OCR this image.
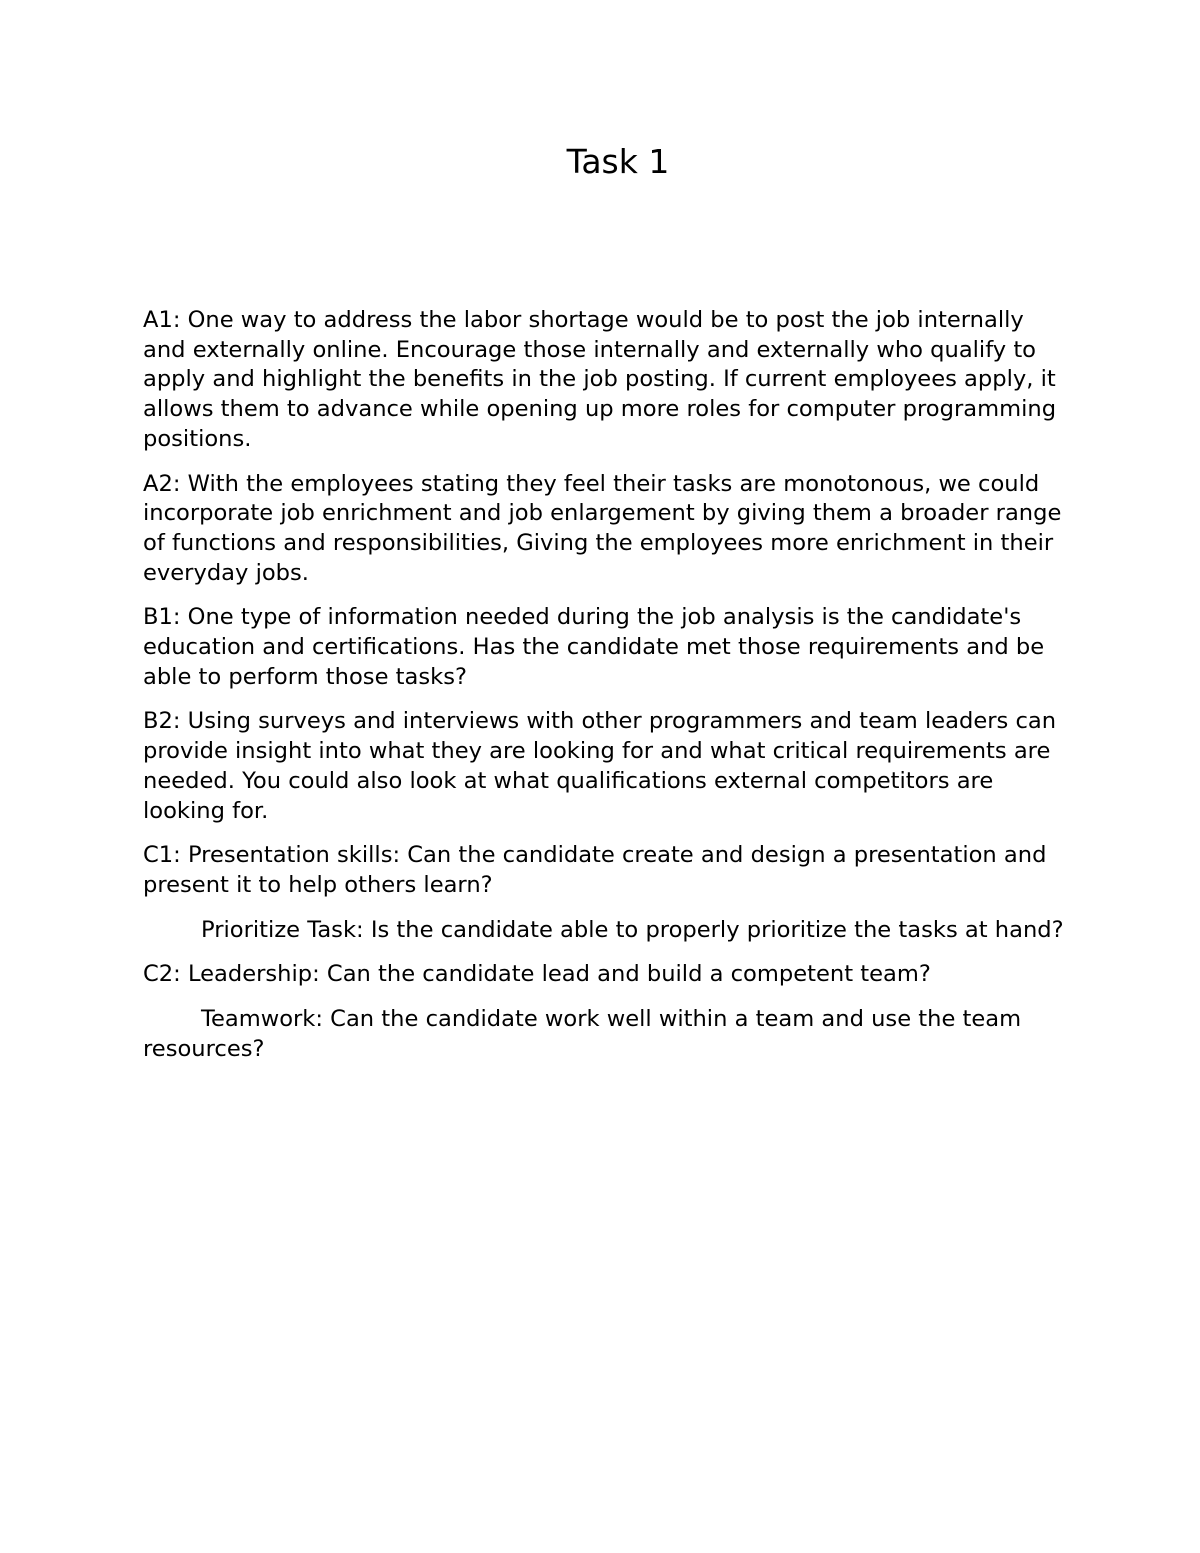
Task 1

A1: One way to address the labor shortage would be to post the job internally and externally online. Encourage those internally and externally who qualify to apply and highlight the benefits in the job posting. If current employees apply, it allows them to advance while opening up more roles for computer programming positions.

A2: With the employees stating they feel their tasks are monotonous, we could incorporate job enrichment and job enlargement by giving them a broader range of functions and responsibilities, Giving the employees more enrichment in their everyday jobs.

B1: One type of information needed during the job analysis is the candidate's education and certifications. Has the candidate met those requirements and be able to perform those tasks?

B2: Using surveys and interviews with other programmers and team leaders can provide insight into what they are looking for and what critical requirements are needed. You could also look at what qualifications external competitors are looking for.

C1: Presentation skills: Can the candidate create and design a presentation and present it to help others learn?

Prioritize Task: Is the candidate able to properly prioritize the tasks at hand?

C2: Leadership: Can the candidate lead and build a competent team?

Teamwork: Can the candidate work well within a team and use the team resources?
